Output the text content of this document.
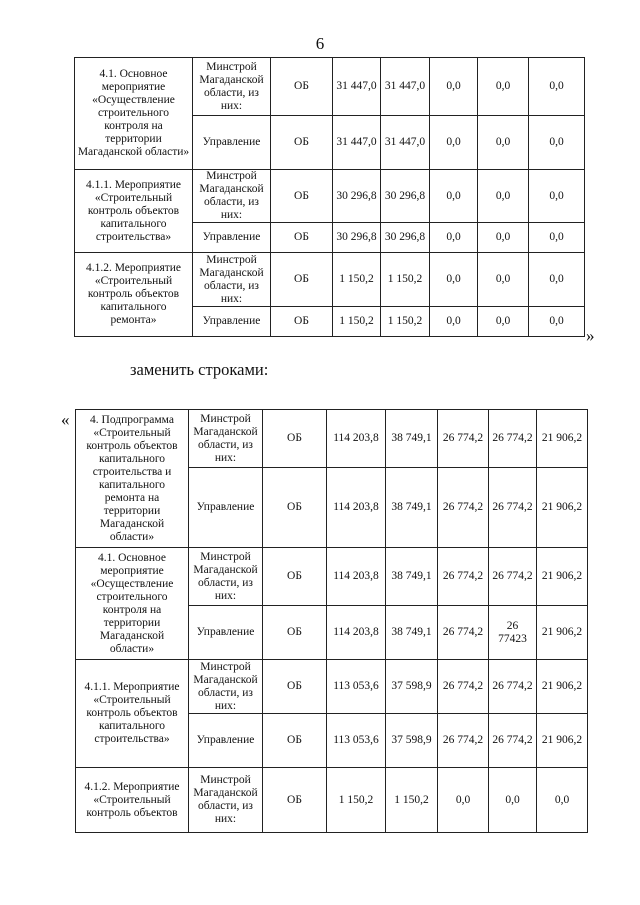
6
4.1. Основное мероприятие «Осуществление строительного контроля на территории Магаданской области»	Минстрой Магаданской области, из них:	ОБ	31 447,0	31 447,0	0,0	0,0	0,0
	Управление	ОБ	31 447,0	31 447,0	0,0	0,0	0,0
4.1.1. Мероприятие «Строительный контроль объектов капитального строительства»	Минстрой Магаданской области, из них:	ОБ	30 296,8	30 296,8	0,0	0,0	0,0
	Управление	ОБ	30 296,8	30 296,8	0,0	0,0	0,0
4.1.2. Мероприятие «Строительный контроль объектов капитального ремонта»	Минстрой Магаданской области, из них:	ОБ	1 150,2	1 150,2	0,0	0,0	0,0
	Управление	ОБ	1 150,2	1 150,2	0,0	0,0	0,0
»
заменить строками:
« 4. Подпрограмма «Строительный контроль объектов капитального строительства и капитального ремонта на территории Магаданской области»	Минстрой Магаданской области, из них:	ОБ	114 203,8	38 749,1	26 774,2	26 774,2	21 906,2
	Управление	ОБ	114 203,8	38 749,1	26 774,2	26 774,2	21 906,2
4.1. Основное мероприятие «Осуществление строительного контроля на территории Магаданской области»	Минстрой Магаданской области, из них:	ОБ	114 203,8	38 749,1	26 774,2	26 774,2	21 906,2
	Управление	ОБ	114 203,8	38 749,1	26 774,2	26 77423	21 906,2
4.1.1. Мероприятие «Строительный контроль объектов капитального строительства»	Минстрой Магаданской области, из них:	ОБ	113 053,6	37 598,9	26 774,2	26 774,2	21 906,2
	Управление	ОБ	113 053,6	37 598,9	26 774,2	26 774,2	21 906,2
4.1.2. Мероприятие «Строительный контроль объектов	Минстрой Магаданской области, из них:	ОБ	1 150,2	1 150,2	0,0	0,0	0,0
